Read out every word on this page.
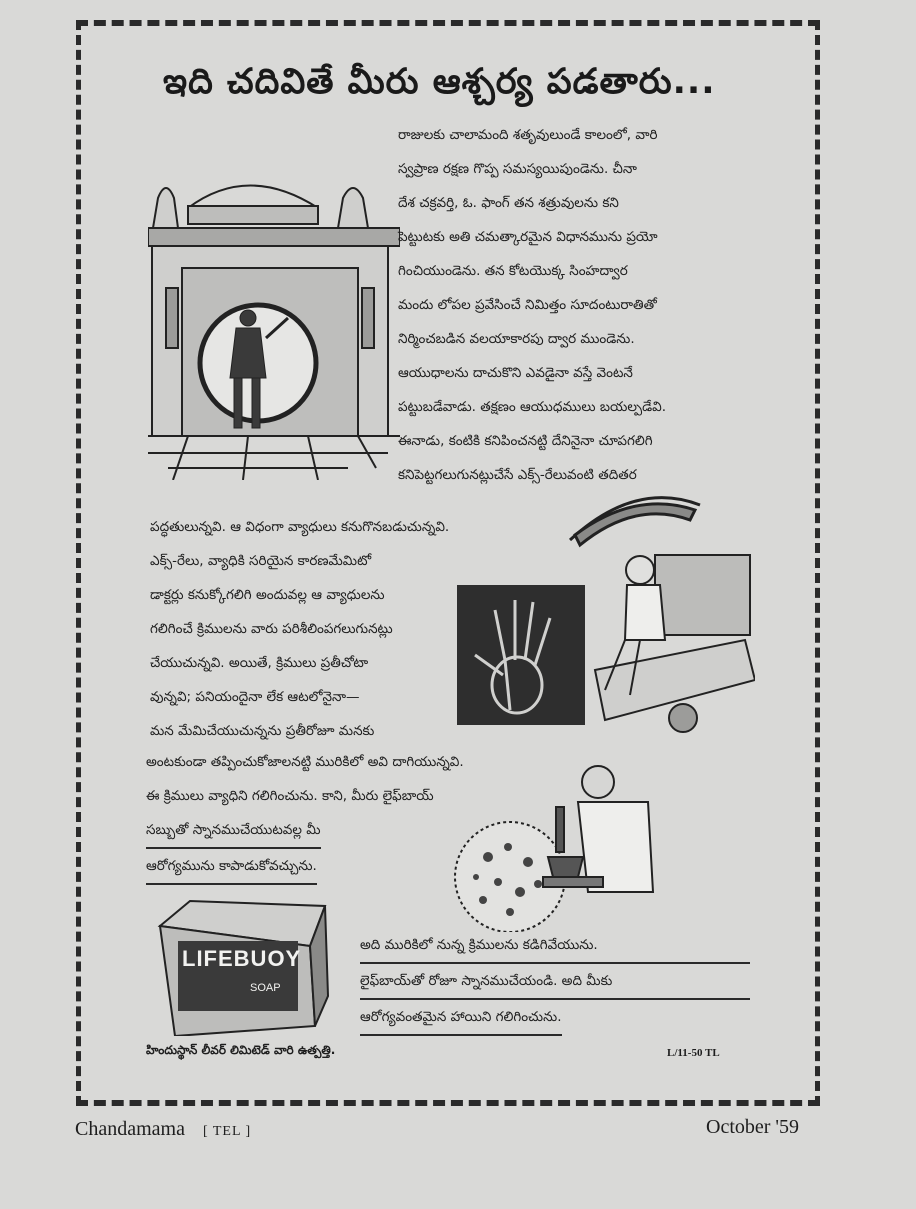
ఇది చదివితే మీరు ఆశ్చర్య పడతారు...
రాజులకు చాలామంది శతృవులుండే కాలంలో, వారి
స్వప్రాణ రక్షణ గొప్ప సమస్యయిపుండెను. చీనా
దేశ చక్రవర్తి, ఓ. ఫాంగ్ తన శత్రువులను కని
పెట్టుటకు అతి చమత్కారమైన విధానమును ప్రయో
గించియుండెను. తన కోటయొక్క సింహద్వార
మందు లోపల ప్రవేసించే నిమిత్తం సూదంటురాతితో
నిర్మించబడిన వలయాకారపు ద్వార ముండెను.
ఆయుధాలను దాచుకొని ఎవడైనా వస్తే వెంటనే
పట్టుబడేవాడు. తక్షణం ఆయుధములు బయల్పడేవి.
ఈనాడు, కంటికి కనిపించనట్టి దేనినైనా చూపగలిగి
కనిపెట్టగలుగునట్లుచేసే ఎక్స్-రేలువంటి తదితర
పద్ధతులున్నవి. ఆ విధంగా వ్యాధులు కనుగొనబడుచున్నవి.
ఎక్స్-రేలు, వ్యాధికి సరియైన కారణమేమిటో
డాక్టర్లు కనుక్కోగలిగి అందువల్ల ఆ వ్యాధులను
గలిగించే క్రిములను వారు పరిశీలింపగలుగునట్లు
చేయుచున్నవి. అయితే, క్రిములు ప్రతీచోటా
వున్నవి; పనియందైనా లేక ఆటలోనైనా—
మన మేమిచేయుచున్నను ప్రతీరోజూ మనకు
అంటకుండా తప్పించుకోజాలనట్టి మురికిలో అవి దాగియున్నవి.
ఈ క్రిములు వ్యాధిని గలిగించును. కాని, మీరు లైఫ్‌బాయ్
సబ్బుతో స్నానముచేయుటవల్ల మీ
ఆరోగ్యమును కాపాడుకోవచ్చును.
LIFEBUOY
SOAP
అది మురికిలో నున్న క్రిములను కడిగివేయును.
లైఫ్‌బాయ్‌తో రోజూ స్నానముచేయండి. అది మీకు
ఆరోగ్యవంతమైన హాయిని గలిగించును.
హిందుస్థాన్ లీవర్ లిమిటెడ్ వారి ఉత్పత్తి.	L/11-50 TL
Chandamama [ TEL ]	October '59
